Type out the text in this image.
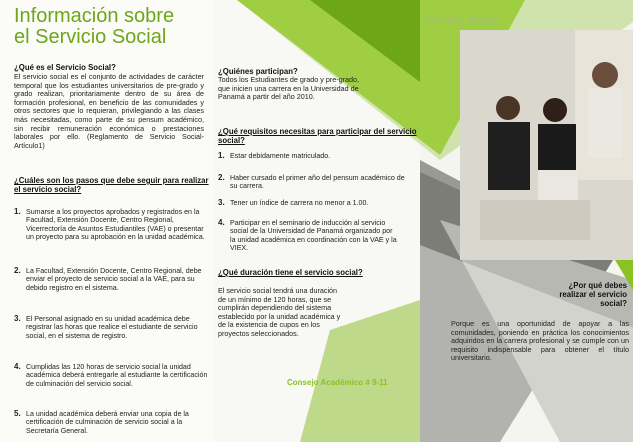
Información sobre
el Servicio Social
¿Qué es el Servicio Social?

El servicio social es el conjunto de actividades de carácter temporal que los estudiantes universitarios de pre-grado y grado realizan, prioritariamente dentro de su área de formación profesional, en beneficio de las comunidades y otros sectores que lo requieran, privilegiando a las clases más necesitadas, como parte de su pensum académico, sin recibir remuneración económica o prestaciones laborales por ello. (Reglamento de Servicio Social-Artículo1)

¿Cuáles son los pasos que debe seguir para realizar el servicio social?
1. Sumarse a los proyectos aprobados y registrados en la Facultad, Extensión Docente, Centro Regional, Vicerrectoría de Asuntos Estudiantiles (VAE) o presentar un proyecto para su aprobación en la unidad académica.
2. La Facultad, Extensión Docente, Centro Regional, debe enviar el proyecto de servicio social a la VAE, para su debido registro en el sistema.
3. El Personal asignado en su unidad académica debe registrar las horas que realice el estudiante de servicio social, en el sistema de registro.
4. Cumplidas las 120 horas de servicio social la unidad académica deberá entregarle al estudiante la certificación de culminación del servicio social.
5. La unidad académica deberá enviar una copia de la certificación de culminación de servicio social a la Secretaría General.
¿Quiénes participan?

Todos los Estudiantes de grado y pre-grado, que inicien una carrera en la Universidad de Panamá a partir del año 2010.

¿Qué requisitos necesitas para participar del servicio social?
1. Estar debidamente matriculado.
2. Haber cursado el primer año del pensum académico de su carrera.
3. Tener un índice de carrera no menor a 1.00.
4. Participar en el seminario de inducción al servicio social de la Universidad de Panamá organizado por la unidad académica en coordinación con la VAE y la VIEX.
¿Qué duración tiene el servicio social?

El servicio social tendrá una duración de un mínimo de 120 horas, que se cumplirán dependiendo del sistema establecido por la unidad académica y de la existencia de cupos en los proyectos seleccionados.

Consejo Académico # 9-11
Servicio Social
¿Por qué debes realizar el servicio social?

Porque es una oportunidad de apoyar a las comunidades, poniendo en práctica los conocimientos adquiridos en la carrera profesional y se cumple con un requisito indispensable para obtener el título universitario.
